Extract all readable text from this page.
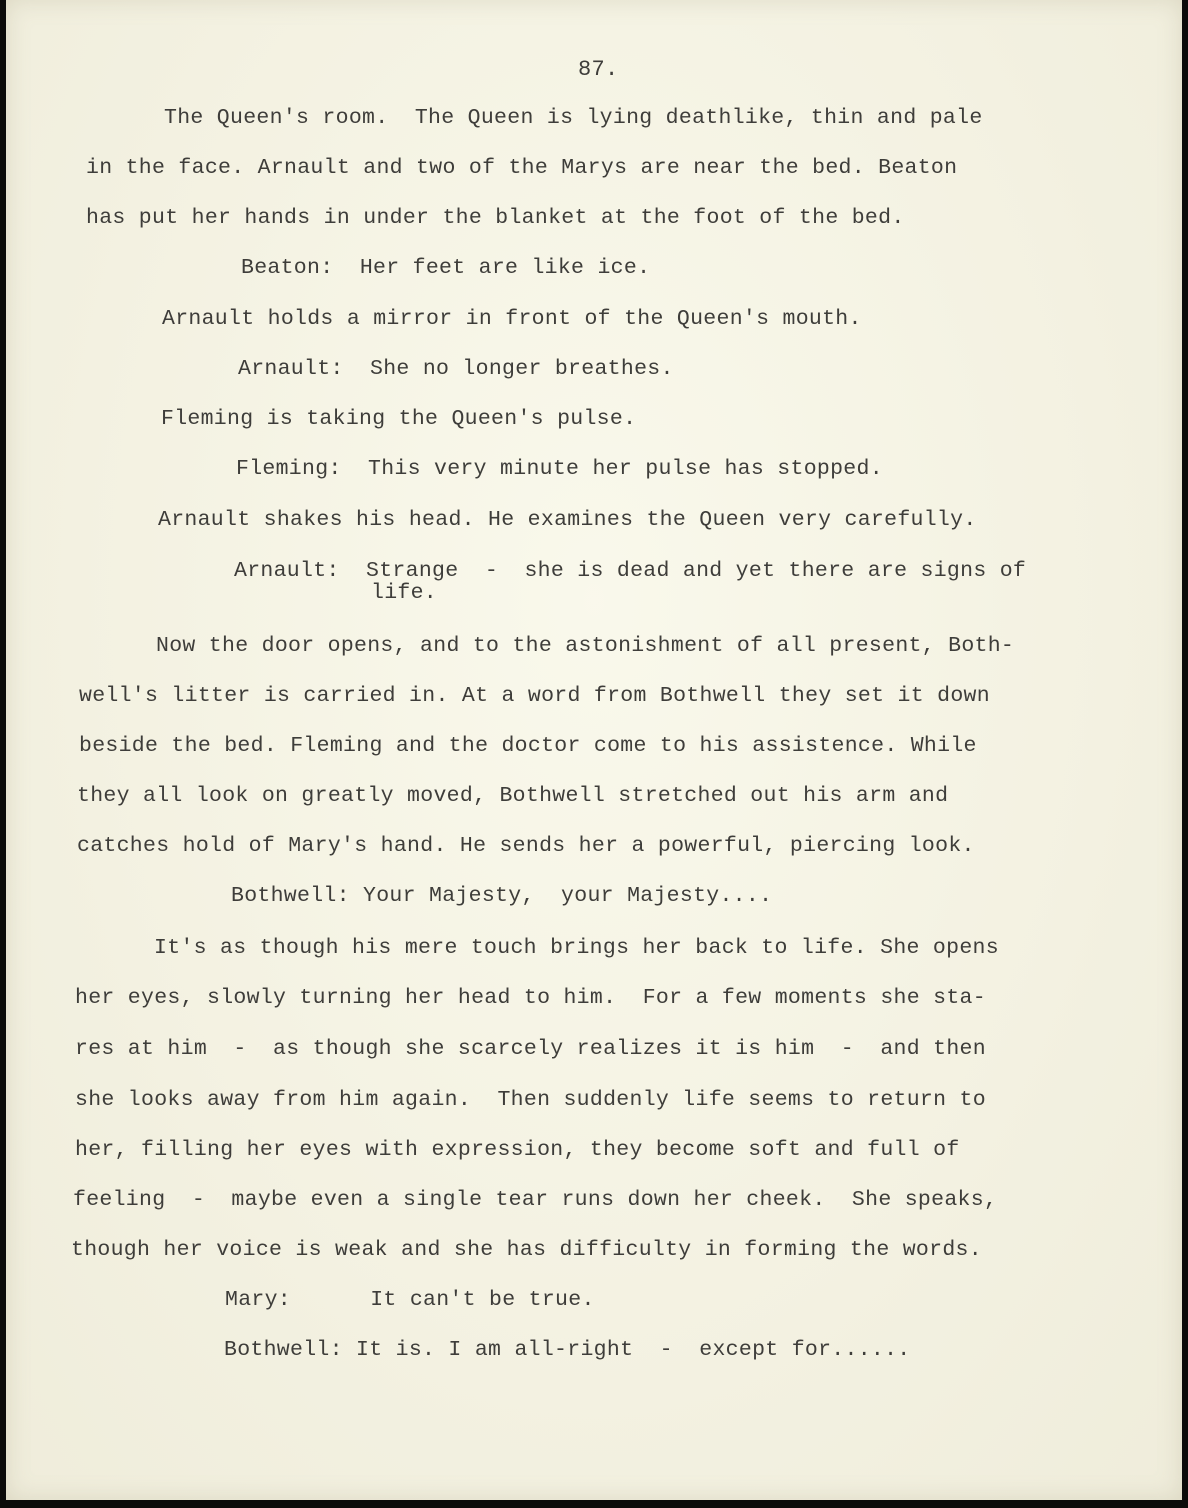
87.
The Queen's room.  The Queen is lying deathlike, thin and pale
in the face. Arnault and two of the Marys are near the bed. Beaton
has put her hands in under the blanket at the foot of the bed.
Beaton:  Her feet are like ice.
Arnault holds a mirror in front of the Queen's mouth.
Arnault:  She no longer breathes.
Fleming is taking the Queen's pulse.
Fleming:  This very minute her pulse has stopped.
Arnault shakes his head. He examines the Queen very carefully.
Arnault:  Strange  -  she is dead and yet there are signs of
life.
Now the door opens, and to the astonishment of all present, Both-
well's litter is carried in. At a word from Bothwell they set it down
beside the bed. Fleming and the doctor come to his assistence. While
they all look on greatly moved, Bothwell stretched out his arm and
catches hold of Mary's hand. He sends her a powerful, piercing look.
Bothwell: Your Majesty,  your Majesty....
It's as though his mere touch brings her back to life. She opens
her eyes, slowly turning her head to him.  For a few moments she sta-
res at him  -  as though she scarcely realizes it is him  -  and then
she looks away from him again.  Then suddenly life seems to return to
her, filling her eyes with expression, they become soft and full of
feeling  -  maybe even a single tear runs down her cheek.  She speaks,
though her voice is weak and she has difficulty in forming the words.
Mary:      It can't be true.
Bothwell: It is. I am all-right  -  except for......
